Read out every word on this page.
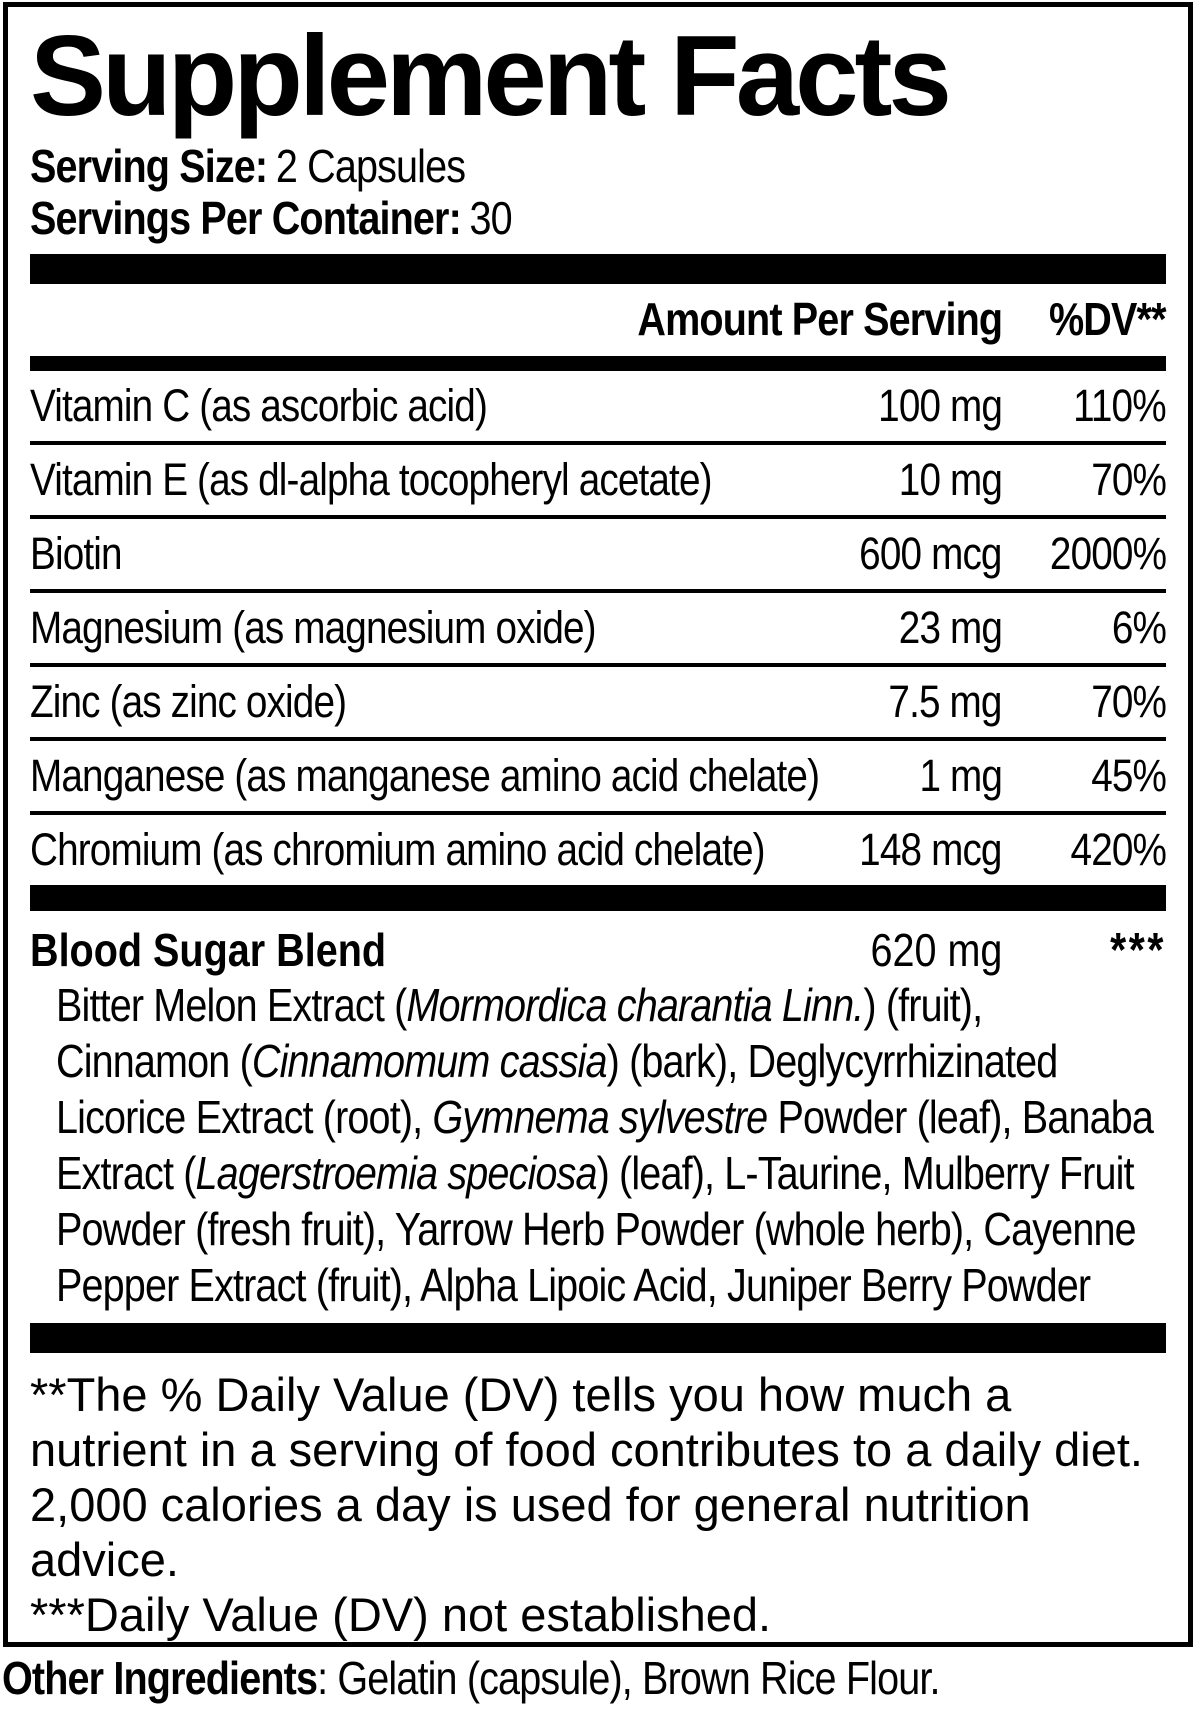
Supplement Facts
Serving Size: 2 Capsules
Servings Per Container: 30
Amount Per Serving	%DV**
Vitamin C (as ascorbic acid)	100 mg	110%
Vitamin E (as dl-alpha tocopheryl acetate)	10 mg	70%
Biotin	600 mcg	2000%
Magnesium (as magnesium oxide)	23 mg	6%
Zinc (as zinc oxide)	7.5 mg	70%
Manganese (as manganese amino acid chelate)	1 mg	45%
Chromium (as chromium amino acid chelate)	148 mcg	420%
Blood Sugar Blend	620 mg	***
Bitter Melon Extract (Mormordica charantia Linn.) (fruit), Cinnamon (Cinnamomum cassia) (bark), Deglycyrrhizinated Licorice Extract (root), Gymnema sylvestre Powder (leaf), Banaba Extract (Lagerstroemia speciosa) (leaf), L-Taurine, Mulberry Fruit Powder (fresh fruit), Yarrow Herb Powder (whole herb), Cayenne Pepper Extract (fruit), Alpha Lipoic Acid, Juniper Berry Powder

**The % Daily Value (DV) tells you how much a nutrient in a serving of food contributes to a daily diet. 2,000 calories a day is used for general nutrition advice.

***Daily Value (DV) not established.

Other Ingredients: Gelatin (capsule), Brown Rice Flour.
